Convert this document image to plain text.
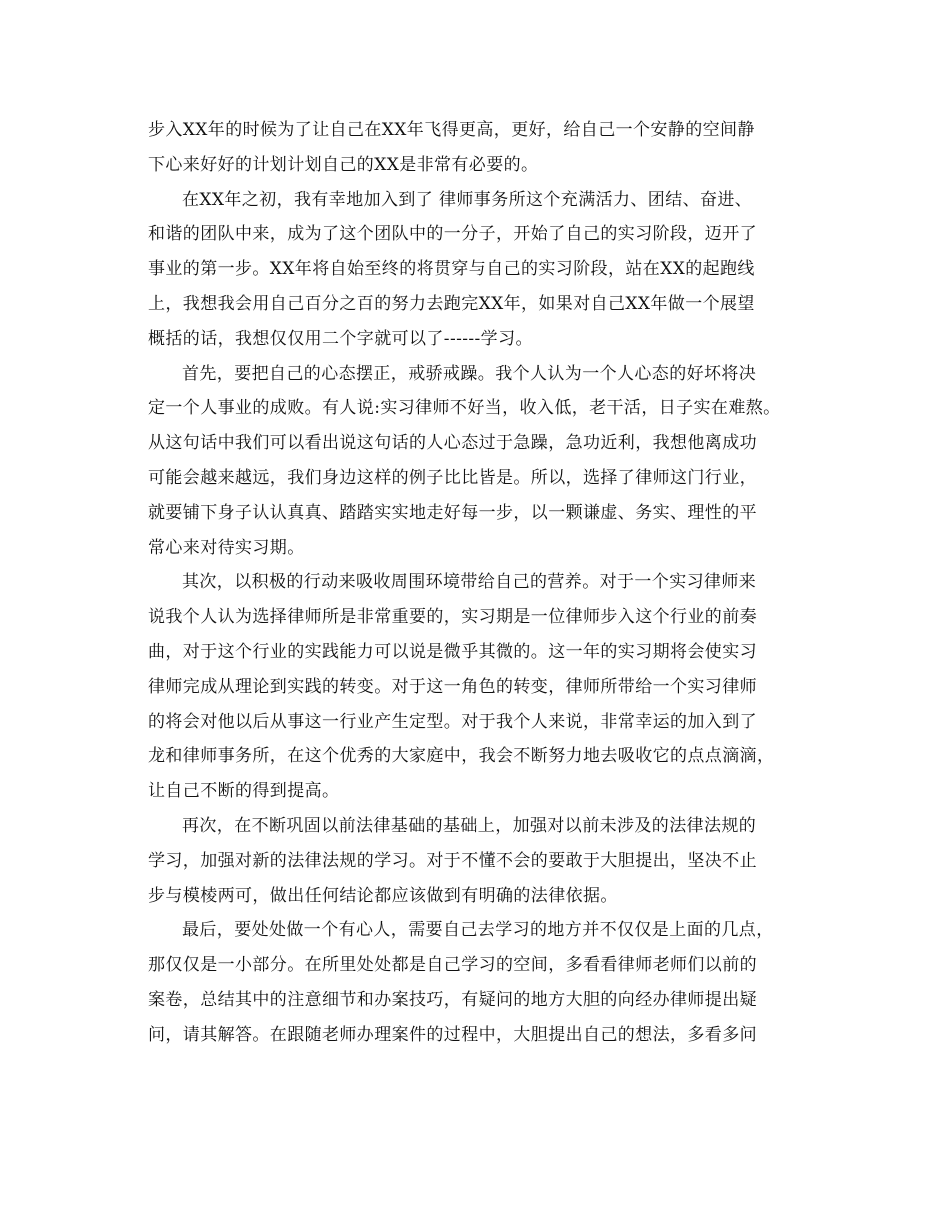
步入XX年的时候为了让自己在XX年飞得更高，更好，给自己一个安静的空间静
下心来好好的计划计划自己的XX是非常有必要的。
在XX年之初，我有幸地加入到了 律师事务所这个充满活力、团结、奋进、
和谐的团队中来，成为了这个团队中的一分子，开始了自己的实习阶段，迈开了
事业的第一步。XX年将自始至终的将贯穿与自己的实习阶段，站在XX的起跑线
上，我想我会用自己百分之百的努力去跑完XX年，如果对自己XX年做一个展望
概括的话，我想仅仅用二个字就可以了------学习。
首先，要把自己的心态摆正，戒骄戒躁。我个人认为一个人心态的好坏将决
定一个人事业的成败。有人说:实习律师不好当，收入低，老干活，日子实在难熬。
从这句话中我们可以看出说这句话的人心态过于急躁，急功近利，我想他离成功
可能会越来越远，我们身边这样的例子比比皆是。所以，选择了律师这门行业，
就要铺下身子认认真真、踏踏实实地走好每一步，以一颗谦虚、务实、理性的平
常心来对待实习期。
其次，以积极的行动来吸收周围环境带给自己的营养。对于一个实习律师来
说我个人认为选择律师所是非常重要的，实习期是一位律师步入这个行业的前奏
曲，对于这个行业的实践能力可以说是微乎其微的。这一年的实习期将会使实习
律师完成从理论到实践的转变。对于这一角色的转变，律师所带给一个实习律师
的将会对他以后从事这一行业产生定型。对于我个人来说，非常幸运的加入到了
龙和律师事务所，在这个优秀的大家庭中，我会不断努力地去吸收它的点点滴滴，
让自己不断的得到提高。
再次，在不断巩固以前法律基础的基础上，加强对以前未涉及的法律法规的
学习，加强对新的法律法规的学习。对于不懂不会的要敢于大胆提出，坚决不止
步与模棱两可，做出任何结论都应该做到有明确的法律依据。
最后，要处处做一个有心人，需要自己去学习的地方并不仅仅是上面的几点，
那仅仅是一小部分。在所里处处都是自己学习的空间，多看看律师老师们以前的
案卷，总结其中的注意细节和办案技巧，有疑问的地方大胆的向经办律师提出疑
问，请其解答。在跟随老师办理案件的过程中，大胆提出自己的想法，多看多问
